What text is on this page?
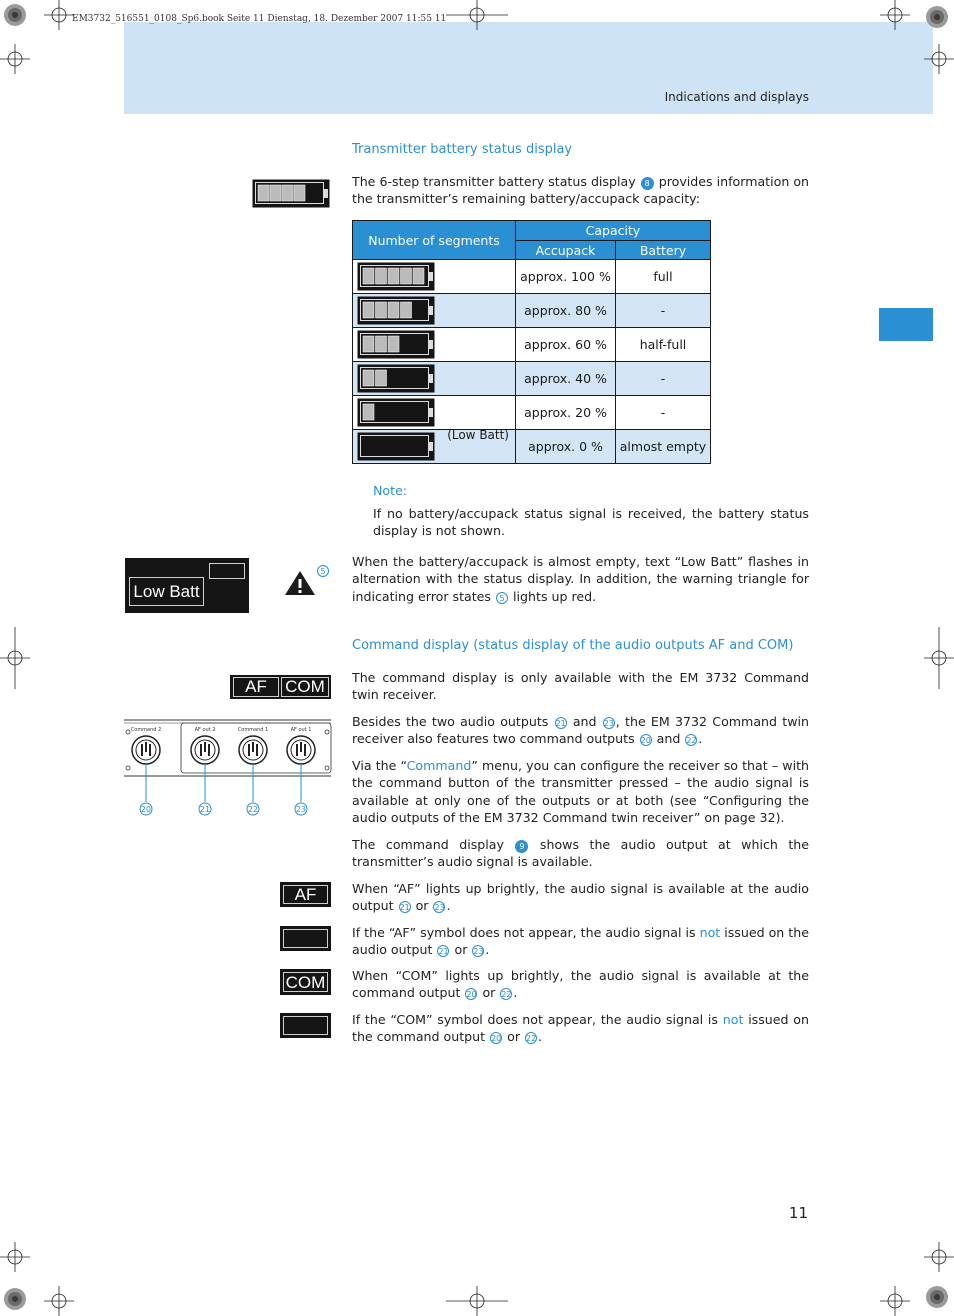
EM3732_516551_0108_Sp6.book Seite 11 Dienstag, 18. Dezember 2007 11:55 11
Indications and displays
Transmitter battery status display
The 6-step transmitter battery status display 8 provides information on the transmitter’s remaining battery/accupack capacity:
Number of segments	Capacity	
	Accupack	Battery

	approx. 100 %	full

	approx. 80 %	-

	approx. 60 %	half-full

	approx. 40 %	-

	approx. 20 %	-

(Low Batt)	approx. 0 %	almost empty
Note:
If no battery/accupack status signal is received, the battery status display is not shown.
Low Batt
5
When the battery/accupack is almost empty, text “Low Batt” flashes in alternation with the status display. In addition, the warning triangle for indicating error states 5 lights up red.
Command display (status display of the audio outputs AF and COM)
AF	COM	The command display is only available with the EM 3732 Command twin receiver.
Besides the two audio outputs 21 and 23 , the EM 3732 Command twin receiver also features two command outputs 20 and 22 .
Via the “Command” menu, you can configure the receiver so that – with the command button of the transmitter pressed – the audio signal is available at only one of the outputs or at both (see “Configuring the audio outputs of the EM 3732 Command twin receiver” on page 32).
The command display 9 shows the audio output at which the transmitter’s audio signal is available.
Command 2	AF out 2	Command 1	AF out 1
20	21	22	23
AF	When “AF” lights up brightly, the audio signal is available at the audio output 21 or 23 .
If the “AF” symbol does not appear, the audio signal is not issued on the audio output 21 or 23 .
COM When “COM” lights up brightly, the audio signal is available at the command output 20 or 22 .
If the “COM” symbol does not appear, the audio signal is not issued on the command output 20 or 22 .
11
